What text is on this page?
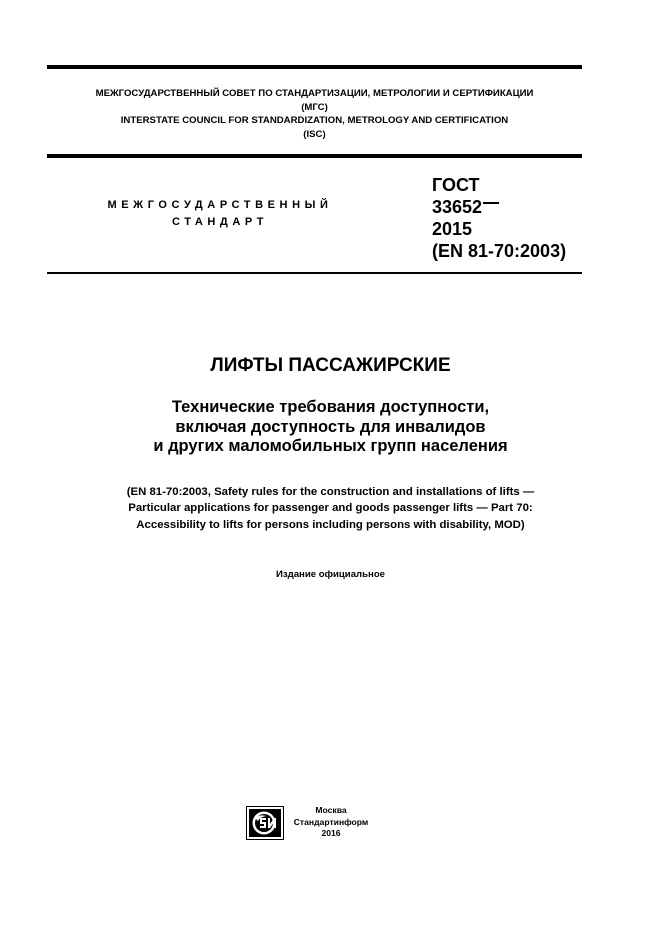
МЕЖГОСУДАРСТВЕННЫЙ СОВЕТ ПО СТАНДАРТИЗАЦИИ, МЕТРОЛОГИИ И СЕРТИФИКАЦИИ
(МГС)
INTERSTATE COUNCIL FOR STANDARDIZATION, METROLOGY AND CERTIFICATION
(ISC)
МЕЖГОСУДАРСТВЕННЫЙ
СТАНДАРТ
ГОСТ
33652
2015
(EN 81-70:2003)
ЛИФТЫ ПАССАЖИРСКИЕ
Технические требования доступности,
включая доступность для инвалидов
и других маломобильных групп населения
(EN 81-70:2003, Safety rules for the construction and installations of lifts —
Particular applications for passenger and goods passenger lifts — Part 70:
Accessibility to lifts for persons including persons with disability, MOD)
Издание официальное
Москва
Стандартинформ
2016
